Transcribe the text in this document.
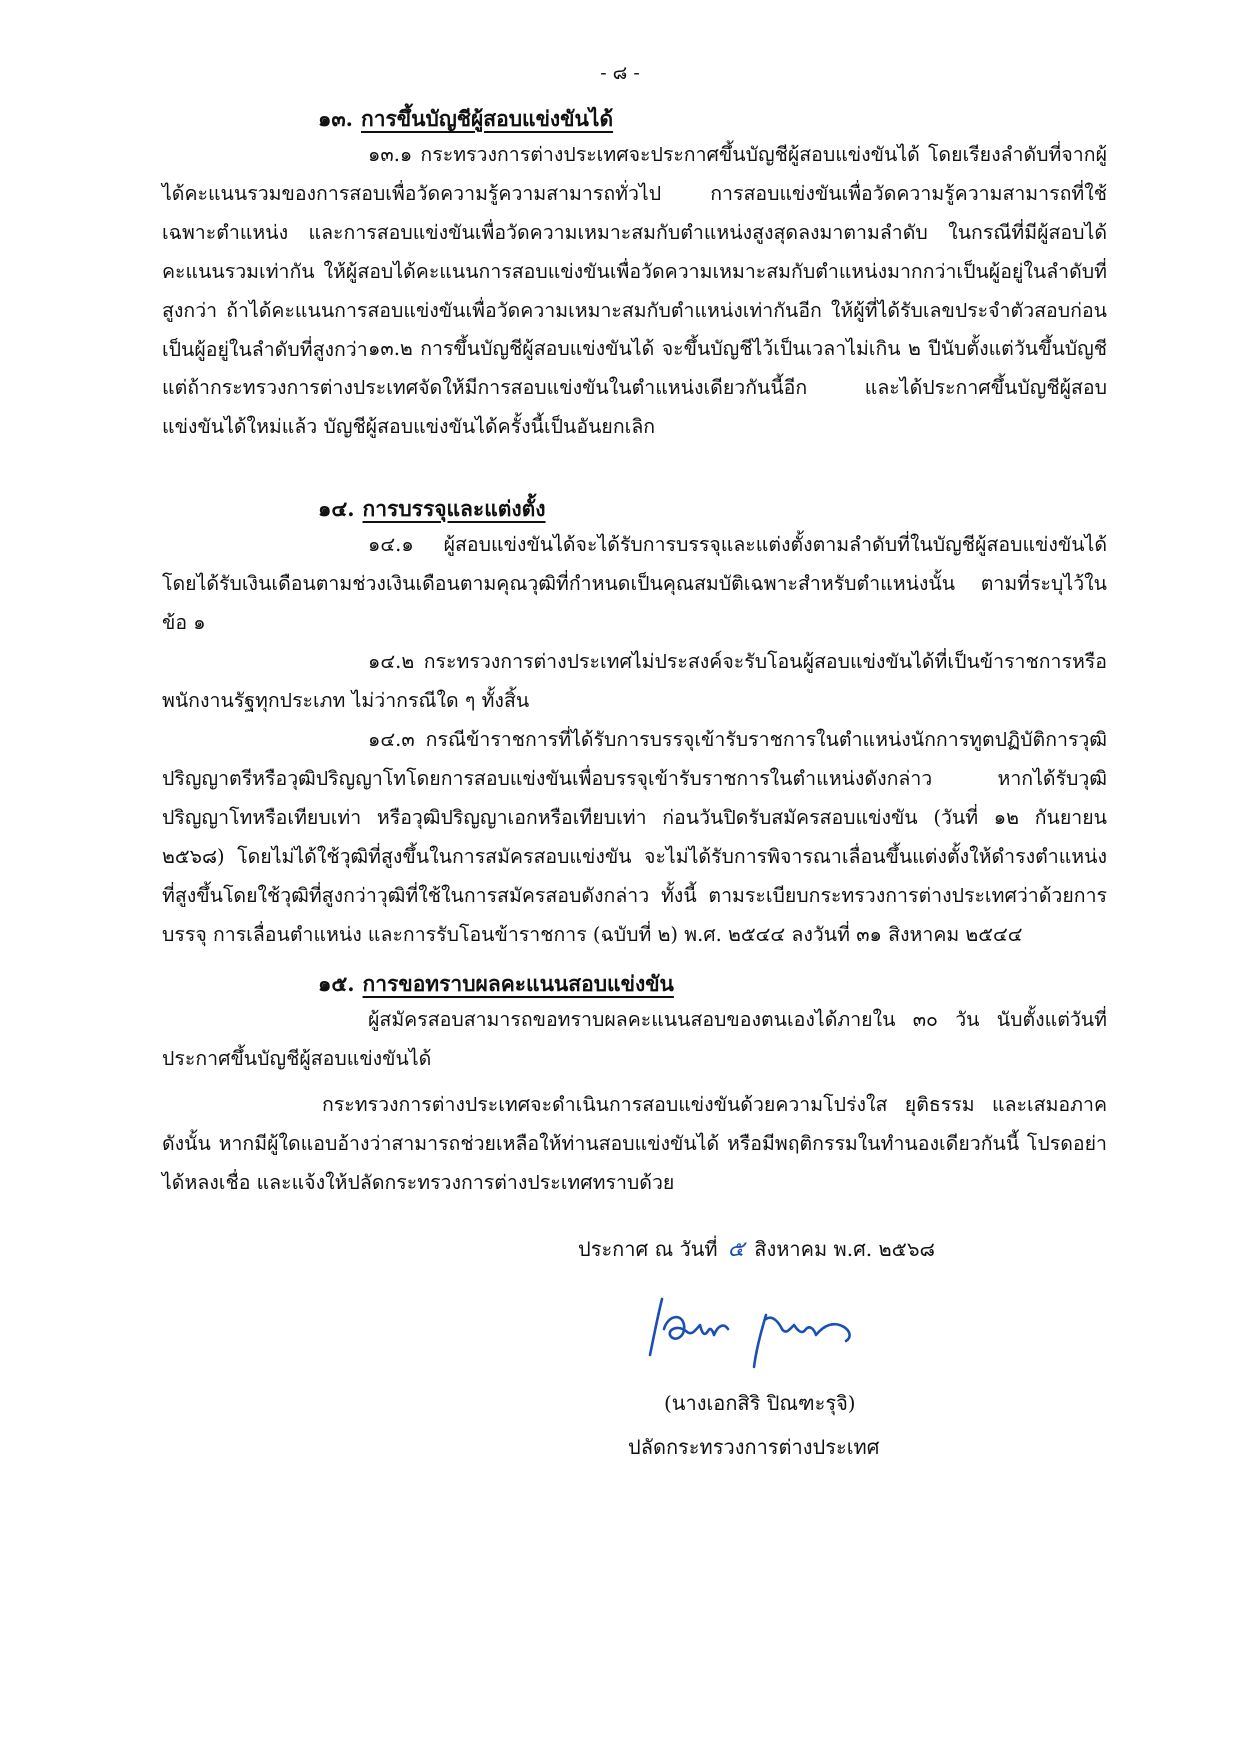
- ๘ -
๑๓. การขึ้นบัญชีผู้สอบแข่งขันได้

๑๓.๑ กระทรวงการต่างประเทศจะประกาศขึ้นบัญชีผู้สอบแข่งขันได้ โดยเรียงลำดับที่จากผู้ได้คะแนนรวมของการสอบเพื่อวัดความรู้ความสามารถทั่วไป การสอบแข่งขันเพื่อวัดความรู้ความสามารถที่ใช้เฉพาะตำแหน่ง และการสอบแข่งขันเพื่อวัดความเหมาะสมกับตำแหน่งสูงสุดลงมาตามลำดับ ในกรณีที่มีผู้สอบได้คะแนนรวมเท่ากัน ให้ผู้สอบได้คะแนนการสอบแข่งขันเพื่อวัดความเหมาะสมกับตำแหน่งมากกว่าเป็นผู้อยู่ในลำดับที่สูงกว่า ถ้าได้คะแนนการสอบแข่งขันเพื่อวัดความเหมาะสมกับตำแหน่งเท่ากันอีก ให้ผู้ที่ได้รับเลขประจำตัวสอบก่อนเป็นผู้อยู่ในลำดับที่สูงกว่า ๑๓.๒ การขึ้นบัญชีผู้สอบแข่งขันได้ จะขึ้นบัญชีไว้เป็นเวลาไม่เกิน ๒ ปีนับตั้งแต่วันขึ้นบัญชี แต่ถ้ากระทรวงการต่างประเทศจัดให้มีการสอบแข่งขันในตำแหน่งเดียวกันนี้อีก และได้ประกาศขึ้นบัญชีผู้สอบแข่งขันได้ใหม่แล้ว บัญชีผู้สอบแข่งขันได้ครั้งนี้เป็นอันยกเลิก

๑๔. การบรรจุและแต่งตั้ง

๑๔.๑ ผู้สอบแข่งขันได้จะได้รับการบรรจุและแต่งตั้งตามลำดับที่ในบัญชีผู้สอบแข่งขันได้ โดยได้รับเงินเดือนตามช่วงเงินเดือนตามคุณวุฒิที่กำหนดเป็นคุณสมบัติเฉพาะสำหรับตำแหน่งนั้น ตามที่ระบุไว้ในข้อ ๑

๑๔.๒ กระทรวงการต่างประเทศไม่ประสงค์จะรับโอนผู้สอบแข่งขันได้ที่เป็นข้าราชการหรือพนักงานรัฐทุกประเภท ไม่ว่ากรณีใด ๆ ทั้งสิ้น

๑๔.๓ กรณีข้าราชการที่ได้รับการบรรจุเข้ารับราชการในตำแหน่งนักการทูตปฏิบัติการวุฒิปริญญาตรีหรือวุฒิปริญญาโทโดยการสอบแข่งขันเพื่อบรรจุเข้ารับราชการในตำแหน่งดังกล่าว หากได้รับวุฒิปริญญาโทหรือเทียบเท่า หรือวุฒิปริญญาเอกหรือเทียบเท่า ก่อนวันปิดรับสมัครสอบแข่งขัน (วันที่ ๑๒ กันยายน ๒๕๖๘) โดยไม่ได้ใช้วุฒิที่สูงขึ้นในการสมัครสอบแข่งขัน จะไม่ได้รับการพิจารณาเลื่อนขึ้นแต่งตั้งให้ดำรงตำแหน่งที่สูงขึ้นโดยใช้วุฒิที่สูงกว่าวุฒิที่ใช้ในการสมัครสอบดังกล่าว ทั้งนี้ ตามระเบียบกระทรวงการต่างประเทศว่าด้วยการบรรจุ การเลื่อนตำแหน่ง และการรับโอนข้าราชการ (ฉบับที่ ๒) พ.ศ. ๒๕๔๔ ลงวันที่ ๓๑ สิงหาคม ๒๕๔๔

๑๕. การขอทราบผลคะแนนสอบแข่งขัน

ผู้สมัครสอบสามารถขอทราบผลคะแนนสอบของตนเองได้ภายใน ๓๐ วัน นับตั้งแต่วันที่ประกาศขึ้นบัญชีผู้สอบแข่งขันได้

กระทรวงการต่างประเทศจะดำเนินการสอบแข่งขันด้วยความโปร่งใส ยุติธรรม และเสมอภาค ดังนั้น หากมีผู้ใดแอบอ้างว่าสามารถช่วยเหลือให้ท่านสอบแข่งขันได้ หรือมีพฤติกรรมในทำนองเดียวกันนี้ โปรดอย่าได้หลงเชื่อ และแจ้งให้ปลัดกระทรวงการต่างประเทศทราบด้วย

ประกาศ ณ วันที่ ๕ สิงหาคม พ.ศ. ๒๕๖๘
(นางเอกสิริ ปิณฑะรุจิ)
ปลัดกระทรวงการต่างประเทศ
